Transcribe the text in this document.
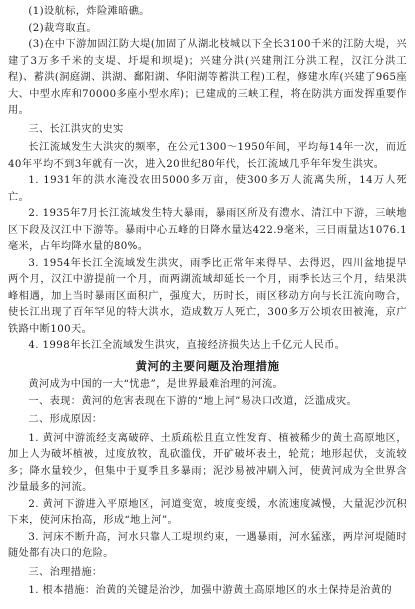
(1)设航标，炸险滩暗礁。

(2)裁弯取直。

(3)在中下游加固江防大堤(加固了从湖北枝城以下全长3100千米的江防大堤，兴建了3万多千米的支堤、圩堤和坝堤)；兴建分洪(兴建荆江分洪工程，汉江分洪工程)、蓄洪(洞庭湖、洪湖、鄱阳湖、华阳湖等蓄洪工程)工程，修建水库(兴建了965座大、中型水库和70000多座小型水库)；已建成的三峡工程，将在防洪方面发挥重要作用。

三、长江洪灾的史实

长江流域发生大洪灾的频率，在公元1300～1950年间，平均每14年一次，而近40年平均不到3年就有一次，进入20世纪80年代，长江流域几乎年年发生洪灾。

1. 1931年的洪水淹没农田5000多万亩，使300多万人流离失所，14万人死亡。

2. 1935年7月长江流域发生特大暴雨，暴雨区所及有澧水、清江中下游，三峡地区下段及汉江中下游等。暴雨中心五峰的日降水量达422.9毫米，三日雨量达1076.1毫米，占年均降水量的80%。

3. 1954年长江全流域发生洪灾，雨季比正常年来得早、去得迟，四川盆地提早两个月，汉江中游提前一个月，而两湖流域却延长一个月，雨季长达三个月，结果洪峰相遇，加上当时暴雨区面积广，强度大，历时长，雨区移动方向与长江流向吻合，使长江出现了百年罕见的特大洪水，造成数万人死亡，300多万公顷农田被淹，京广铁路中断100天。

4. 1998年长江全流域发生洪灾，直接经济损失达上千亿元人民币。

黄河的主要问题及治理措施

黄河成为中国的一大“忧患”，是世界最难治理的河流。

一、表现：黄河的危害表现在下游的“地上河”易决口改道，泛滥成灾。

二、形成原因：

1. 黄河中游流经支离破碎、土质疏松且直立性发育、植被稀少的黄土高原地区，加上人为破坏植被，过度放牧，乱砍滥伐，开矿破坏表土，轮荒；地形起伏，支流较多；降水量较少，但集中于夏季且多暴雨；泥沙易被冲刷入河，使黄河成为全世界含沙量最多的河流。

2. 黄河下游进入平原地区，河道变宽，坡度变缓，水流速度减慢，大量泥沙沉积下来，使河床抬高，形成“地上河”。

3. 河床不断升高，河水只靠人工堤坝约束，一遇暴雨，河水猛涨，两岸河堤随时随处都有决口的危险。

三、治理措施：

1. 根本措施：治黄的关键是治沙，加强中游黄土高原地区的水土保持是治黄的
